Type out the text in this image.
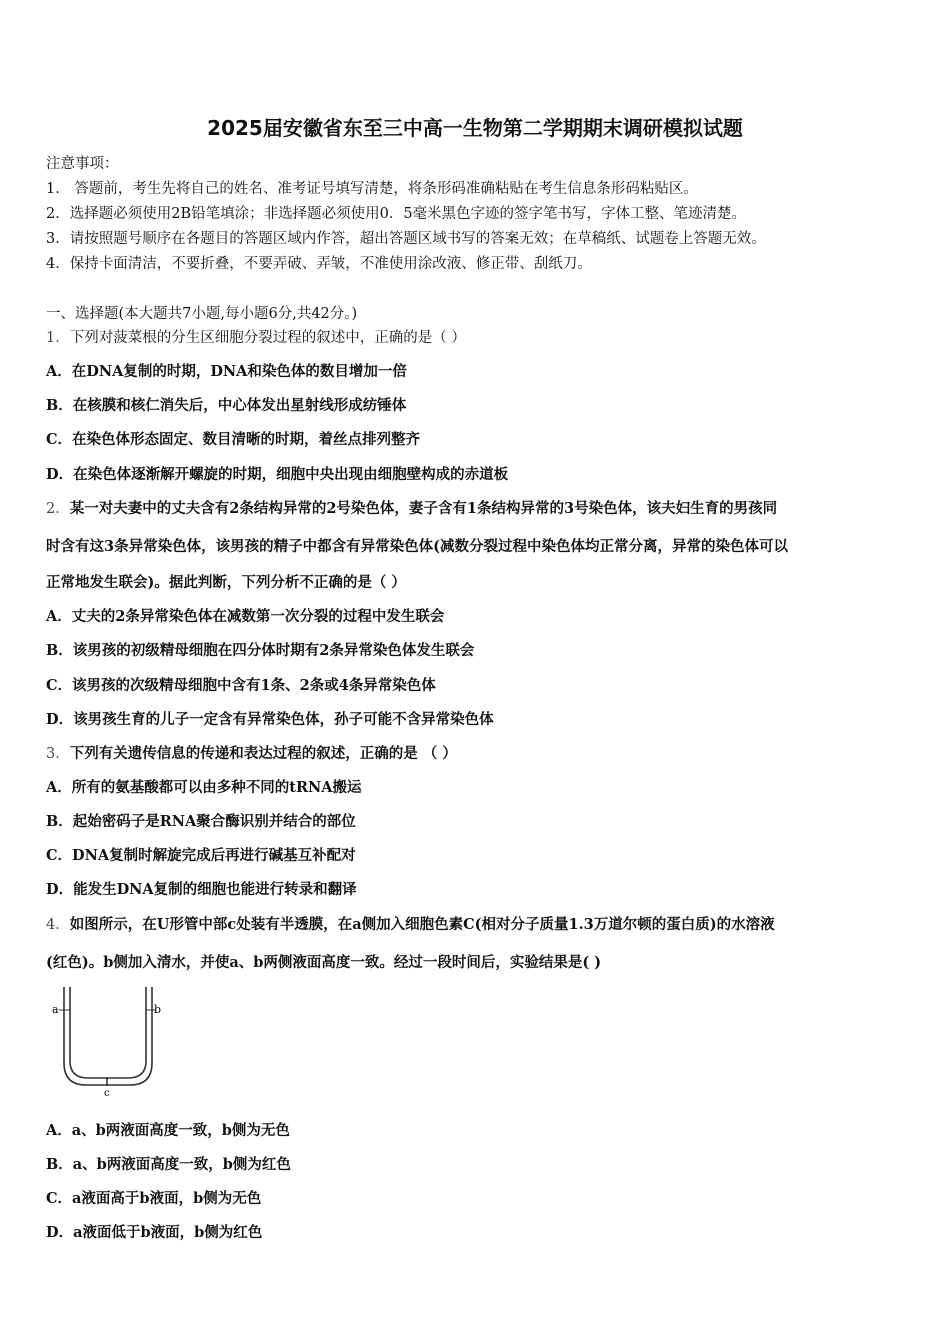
2025届安徽省东至三中高一生物第二学期期末调研模拟试题
注意事项：
1． 答题前，考生先将自己的姓名、准考证号填写清楚，将条形码准确粘贴在考生信息条形码粘贴区。
2．选择题必须使用2B铅笔填涂；非选择题必须使用0．5毫米黑色字迹的签字笔书写，字体工整、笔迹清楚。
3．请按照题号顺序在各题目的答题区域内作答，超出答题区域书写的答案无效；在草稿纸、试题卷上答题无效。
4．保持卡面清洁，不要折叠，不要弄破、弄皱，不准使用涂改液、修正带、刮纸刀。
一、选择题(本大题共7小题,每小题6分,共42分。)
1．下列对菠菜根的分生区细胞分裂过程的叙述中，正确的是（ ）
A．在DNA复制的时期，DNA和染色体的数目增加一倍
B．在核膜和核仁消失后，中心体发出星射线形成纺锤体
C．在染色体形态固定、数目清晰的时期，着丝点排列整齐
D．在染色体逐渐解开螺旋的时期，细胞中央出现由细胞壁构成的赤道板
2．某一对夫妻中的丈夫含有2条结构异常的2号染色体，妻子含有1条结构异常的3号染色体，该夫妇生育的男孩同
时含有这3条异常染色体，该男孩的精子中都含有异常染色体(减数分裂过程中染色体均正常分离，异常的染色体可以
正常地发生联会)。据此判断，下列分析不正确的是（ ）
A．丈夫的2条异常染色体在减数第一次分裂的过程中发生联会
B．该男孩的初级精母细胞在四分体时期有2条异常染色体发生联会
C．该男孩的次级精母细胞中含有1条、2条或4条异常染色体
D．该男孩生育的儿子一定含有异常染色体，孙子可能不含异常染色体
3．下列有关遗传信息的传递和表达过程的叙述，正确的是 （ ）
A．所有的氨基酸都可以由多种不同的tRNA搬运
B．起始密码子是RNA聚合酶识别并结合的部位
C．DNA复制时解旋完成后再进行碱基互补配对
D．能发生DNA复制的细胞也能进行转录和翻译
4．如图所示，在U形管中部c处装有半透膜，在a侧加入细胞色素C(相对分子质量1.3万道尔顿的蛋白质)的水溶液
(红色)。b侧加入清水，并使a、b两侧液面高度一致。经过一段时间后，实验结果是( )
a	b
c
A．a、b两液面高度一致，b侧为无色
B．a、b两液面高度一致，b侧为红色
C．a液面高于b液面，b侧为无色
D．a液面低于b液面，b侧为红色
